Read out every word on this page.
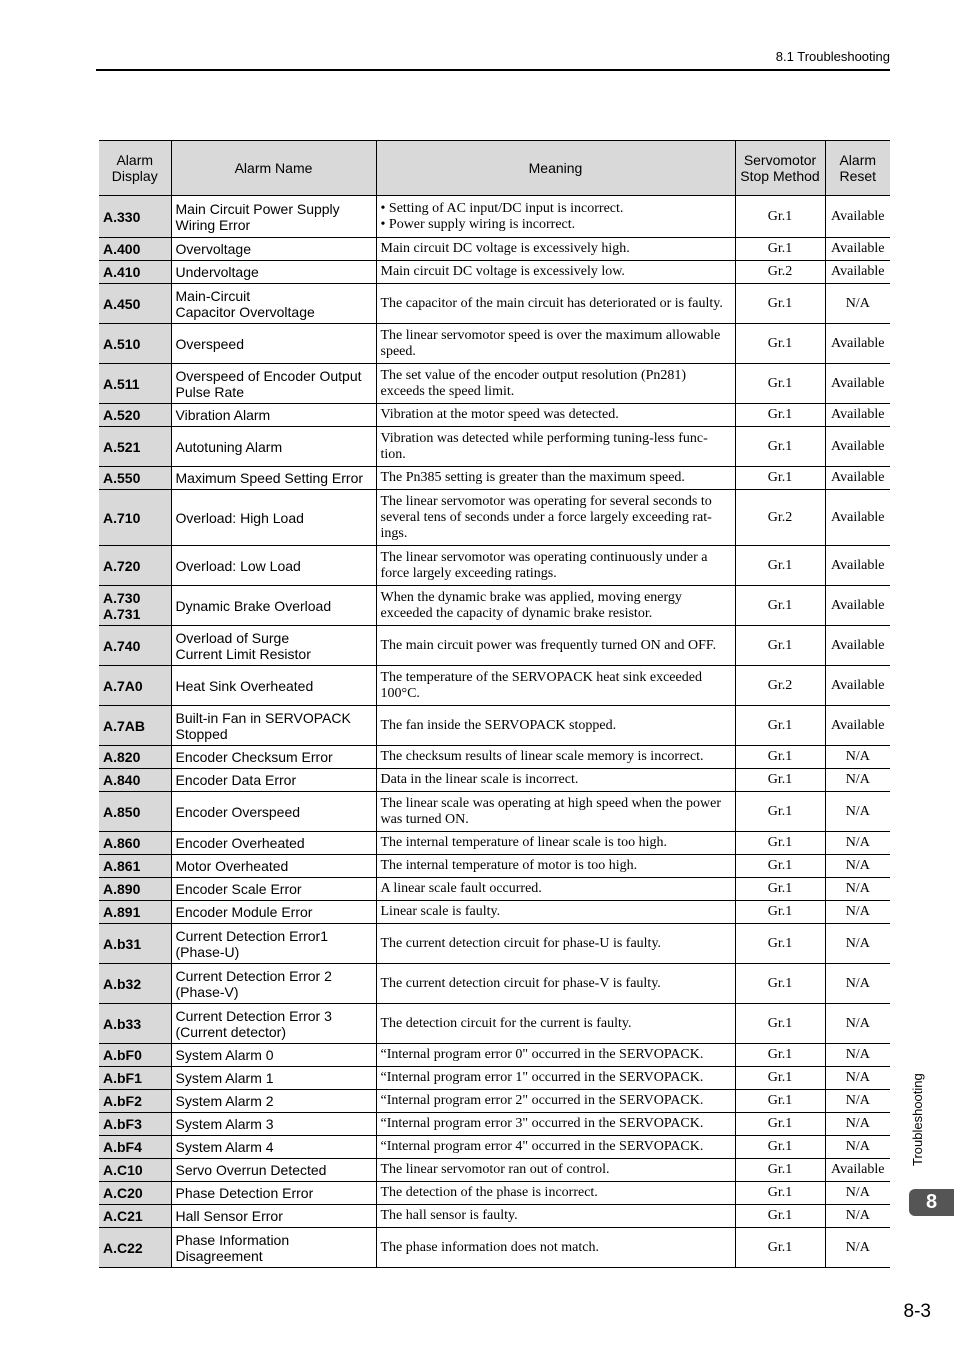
8.1 Troubleshooting
Alarm Display	Alarm Name	Meaning	Servomotor Stop Method	Alarm Reset
A.330	Main Circuit Power Supply Wiring Error	• Setting of AC input/DC input is incorrect.
• Power supply wiring is incorrect.	Gr.1	Available
A.400	Overvoltage	Main circuit DC voltage is excessively high.	Gr.1	Available
A.410	Undervoltage	Main circuit DC voltage is excessively low.	Gr.2	Available
A.450	Main-Circuit
Capacitor Overvoltage	The capacitor of the main circuit has deteriorated or is faulty.	Gr.1	N/A
A.510	Overspeed	The linear servomotor speed is over the maximum allowable speed.	Gr.1	Available
A.511	Overspeed of Encoder Output Pulse Rate	The set value of the encoder output resolution (Pn281) exceeds the speed limit.	Gr.1	Available
A.520	Vibration Alarm	Vibration at the motor speed was detected.	Gr.1	Available
A.521	Autotuning Alarm	Vibration was detected while performing tuning-less func-tion.	Gr.1	Available
A.550	Maximum Speed Setting Error	The Pn385 setting is greater than the maximum speed.	Gr.1	Available
A.710	Overload: High Load	The linear servomotor was operating for several seconds to several tens of seconds under a force largely exceeding rat-ings.	Gr.2	Available
A.720	Overload: Low Load	The linear servomotor was operating continuously under a force largely exceeding ratings.	Gr.1	Available
A.730
A.731	Dynamic Brake Overload	When the dynamic brake was applied, moving energy exceeded the capacity of dynamic brake resistor.	Gr.1	Available
A.740	Overload of Surge
Current Limit Resistor	The main circuit power was frequently turned ON and OFF.	Gr.1	Available
A.7A0	Heat Sink Overheated	The temperature of the SERVOPACK heat sink exceeded 100°C.	Gr.2	Available
A.7AB	Built-in Fan in SERVOPACK Stopped	The fan inside the SERVOPACK stopped.	Gr.1	Available
A.820	Encoder Checksum Error	The checksum results of linear scale memory is incorrect.	Gr.1	N/A
A.840	Encoder Data Error	Data in the linear scale is incorrect.	Gr.1	N/A
A.850	Encoder Overspeed	The linear scale was operating at high speed when the power was turned ON.	Gr.1	N/A
A.860	Encoder Overheated	The internal temperature of linear scale is too high.	Gr.1	N/A
A.861	Motor Overheated	The internal temperature of motor is too high.	Gr.1	N/A
A.890	Encoder Scale Error	A linear scale fault occurred.	Gr.1	N/A
A.891	Encoder Module Error	Linear scale is faulty.	Gr.1	N/A
A.b31	Current Detection Error1
(Phase-U)	The current detection circuit for phase-U is faulty.	Gr.1	N/A
A.b32	Current Detection Error 2
(Phase-V)	The current detection circuit for phase-V is faulty.	Gr.1	N/A
A.b33	Current Detection Error 3
(Current detector)	The detection circuit for the current is faulty.	Gr.1	N/A
A.bF0	System Alarm 0	“Internal program error 0" occurred in the SERVOPACK.	Gr.1	N/A
A.bF1	System Alarm 1	“Internal program error 1" occurred in the SERVOPACK.	Gr.1	N/A
A.bF2	System Alarm 2	“Internal program error 2" occurred in the SERVOPACK.	Gr.1	N/A
A.bF3	System Alarm 3	“Internal program error 3" occurred in the SERVOPACK.	Gr.1	N/A
A.bF4	System Alarm 4	“Internal program error 4" occurred in the SERVOPACK.	Gr.1	N/A
A.C10	Servo Overrun Detected	The linear servomotor ran out of control.	Gr.1	Available
A.C20	Phase Detection Error	The detection of the phase is incorrect.	Gr.1	N/A
A.C21	Hall Sensor Error	The hall sensor is faulty.	Gr.1	N/A
A.C22	Phase Information
Disagreement	The phase information does not match.	Gr.1	N/A
Troubleshooting
8
8-3
